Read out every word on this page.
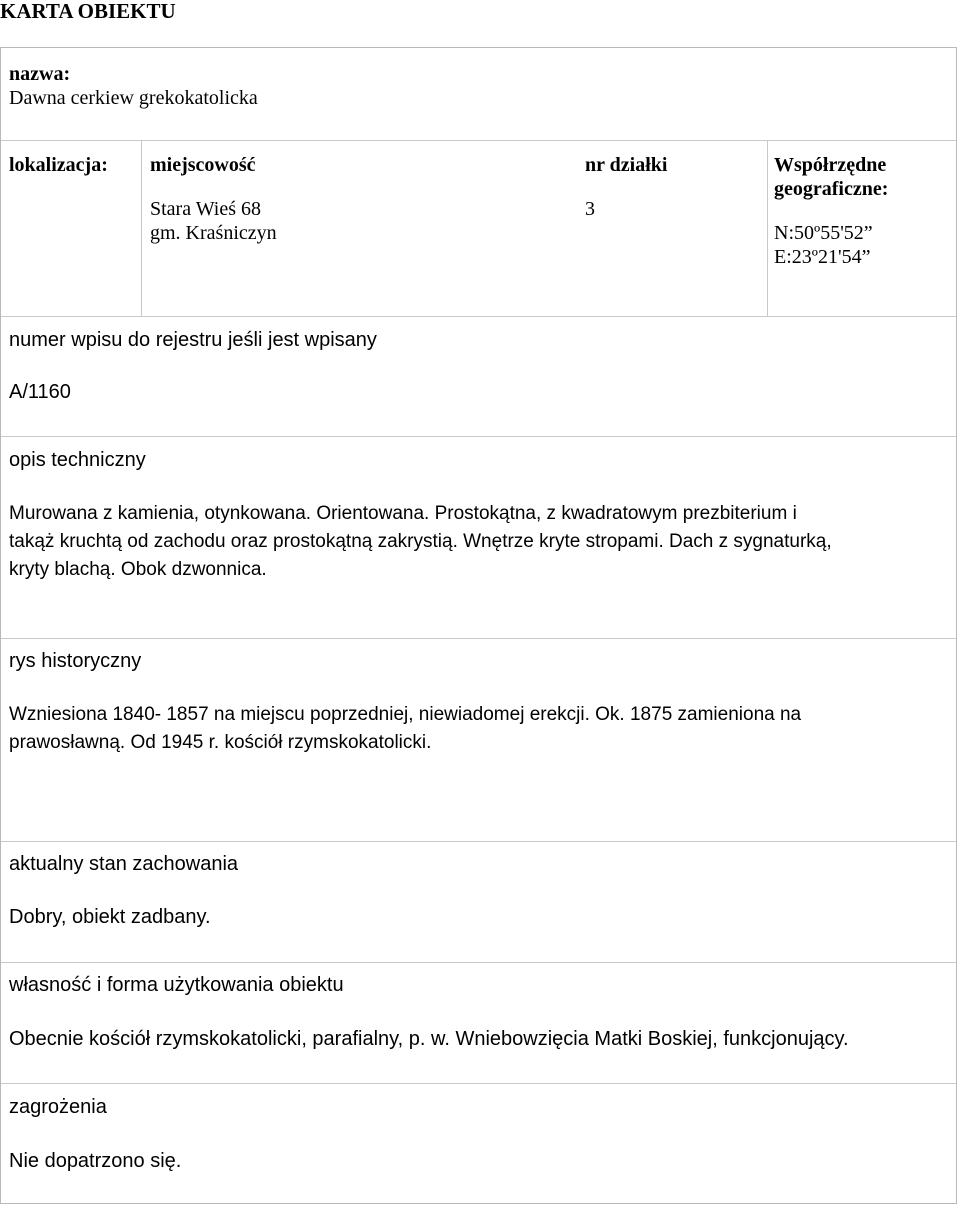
KARTA OBIEKTU
nazwa:
Dawna cerkiew grekokatolicka
lokalizacja: miejscowość
Stara Wieś 68
gm. Kraśniczyn
nr działki
3
Współrzędne
geograficzne:
N:50º55'52”
E:23º21'54”
numer wpisu do rejestru jeśli jest wpisany
A/1160
opis techniczny
Murowana z kamienia, otynkowana. Orientowana. Prostokątna, z kwadratowym prezbiterium i
takąż kruchtą od zachodu oraz prostokątną zakrystią. Wnętrze kryte stropami. Dach z sygnaturką,
kryty blachą. Obok dzwonnica.
rys historyczny
Wzniesiona 1840- 1857 na miejscu poprzedniej, niewiadomej erekcji. Ok. 1875 zamieniona na
prawosławną. Od 1945 r. kościół rzymskokatolicki.
aktualny stan zachowania
Dobry, obiekt zadbany.
własność i forma użytkowania obiektu
Obecnie kościół rzymskokatolicki, parafialny, p. w. Wniebowzięcia Matki Boskiej, funkcjonujący.
zagrożenia
Nie dopatrzono się.
